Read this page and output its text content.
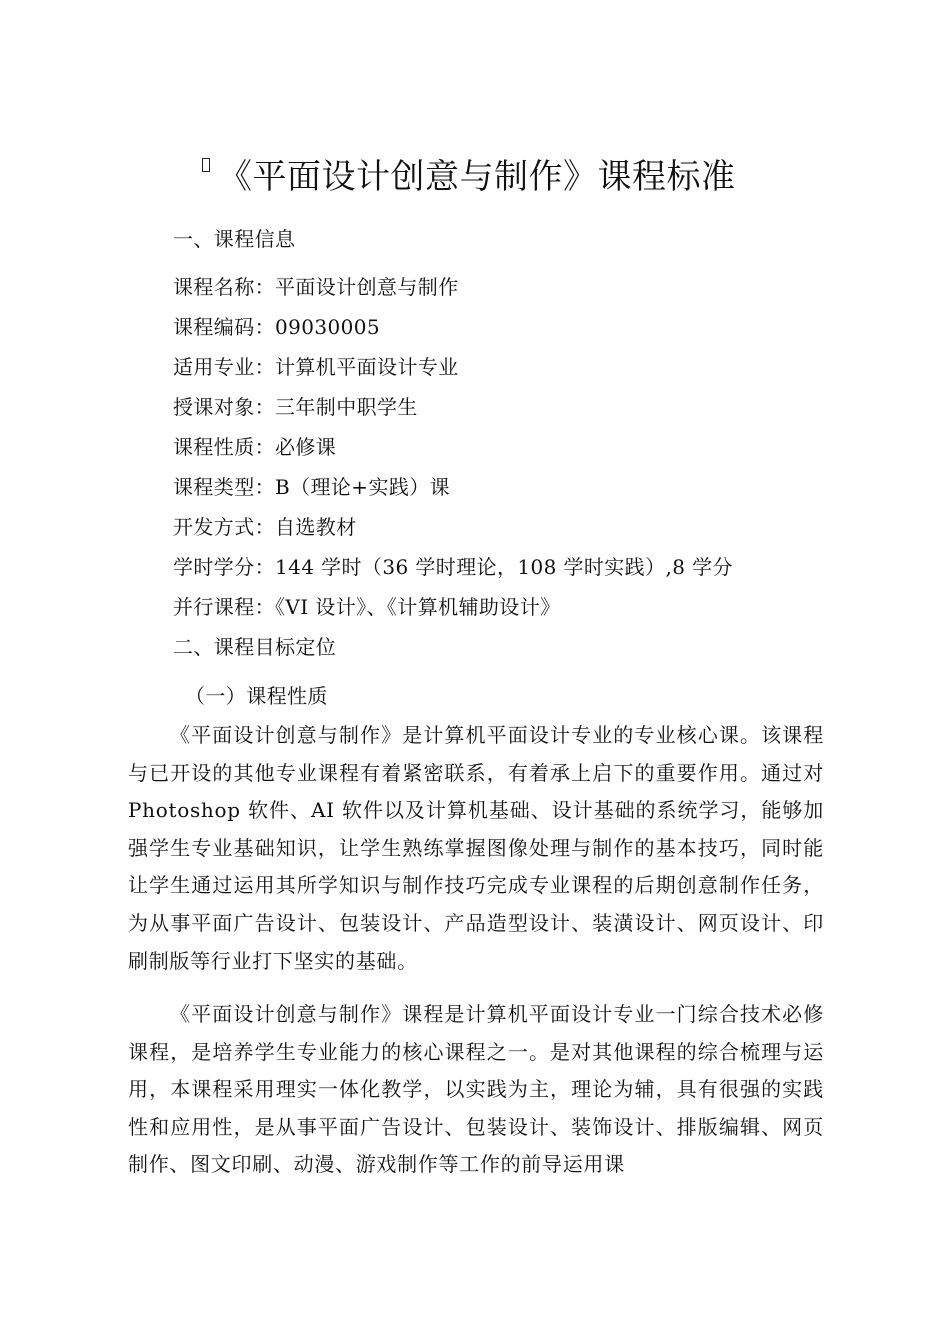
《平面设计创意与制作》课程标准
一、课程信息
课程名称：平面设计创意与制作
课程编码：09030005
适用专业：计算机平面设计专业
授课对象：三年制中职学生
课程性质：必修课
课程类型：B（理论+实践）课
开发方式：自选教材
学时学分：144 学时（36 学时理论，108 学时实践）,8 学分
并行课程：《VI 设计》、《计算机辅助设计》
二、课程目标定位
（一）课程性质

《平面设计创意与制作》是计算机平面设计专业的专业核心课。该课程与已开设的其他专业课程有着紧密联系，有着承上启下的重要作用。通过对 Photoshop 软件、AI 软件以及计算机基础、设计基础的系统学习，能够加强学生专业基础知识，让学生熟练掌握图像处理与制作的基本技巧，同时能让学生通过运用其所学知识与制作技巧完成专业课程的后期创意制作任务，为从事平面广告设计、包装设计、产品造型设计、装潢设计、网页设计、印刷制版等行业打下坚实的基础。

《平面设计创意与制作》课程是计算机平面设计专业一门综合技术必修课程，是培养学生专业能力的核心课程之一。是对其他课程的综合梳理与运用，本课程采用理实一体化教学，以实践为主，理论为辅，具有很强的实践性和应用性，是从事平面广告设计、包装设计、装饰设计、排版编辑、网页制作、图文印刷、动漫、游戏制作等工作的前导运用课
